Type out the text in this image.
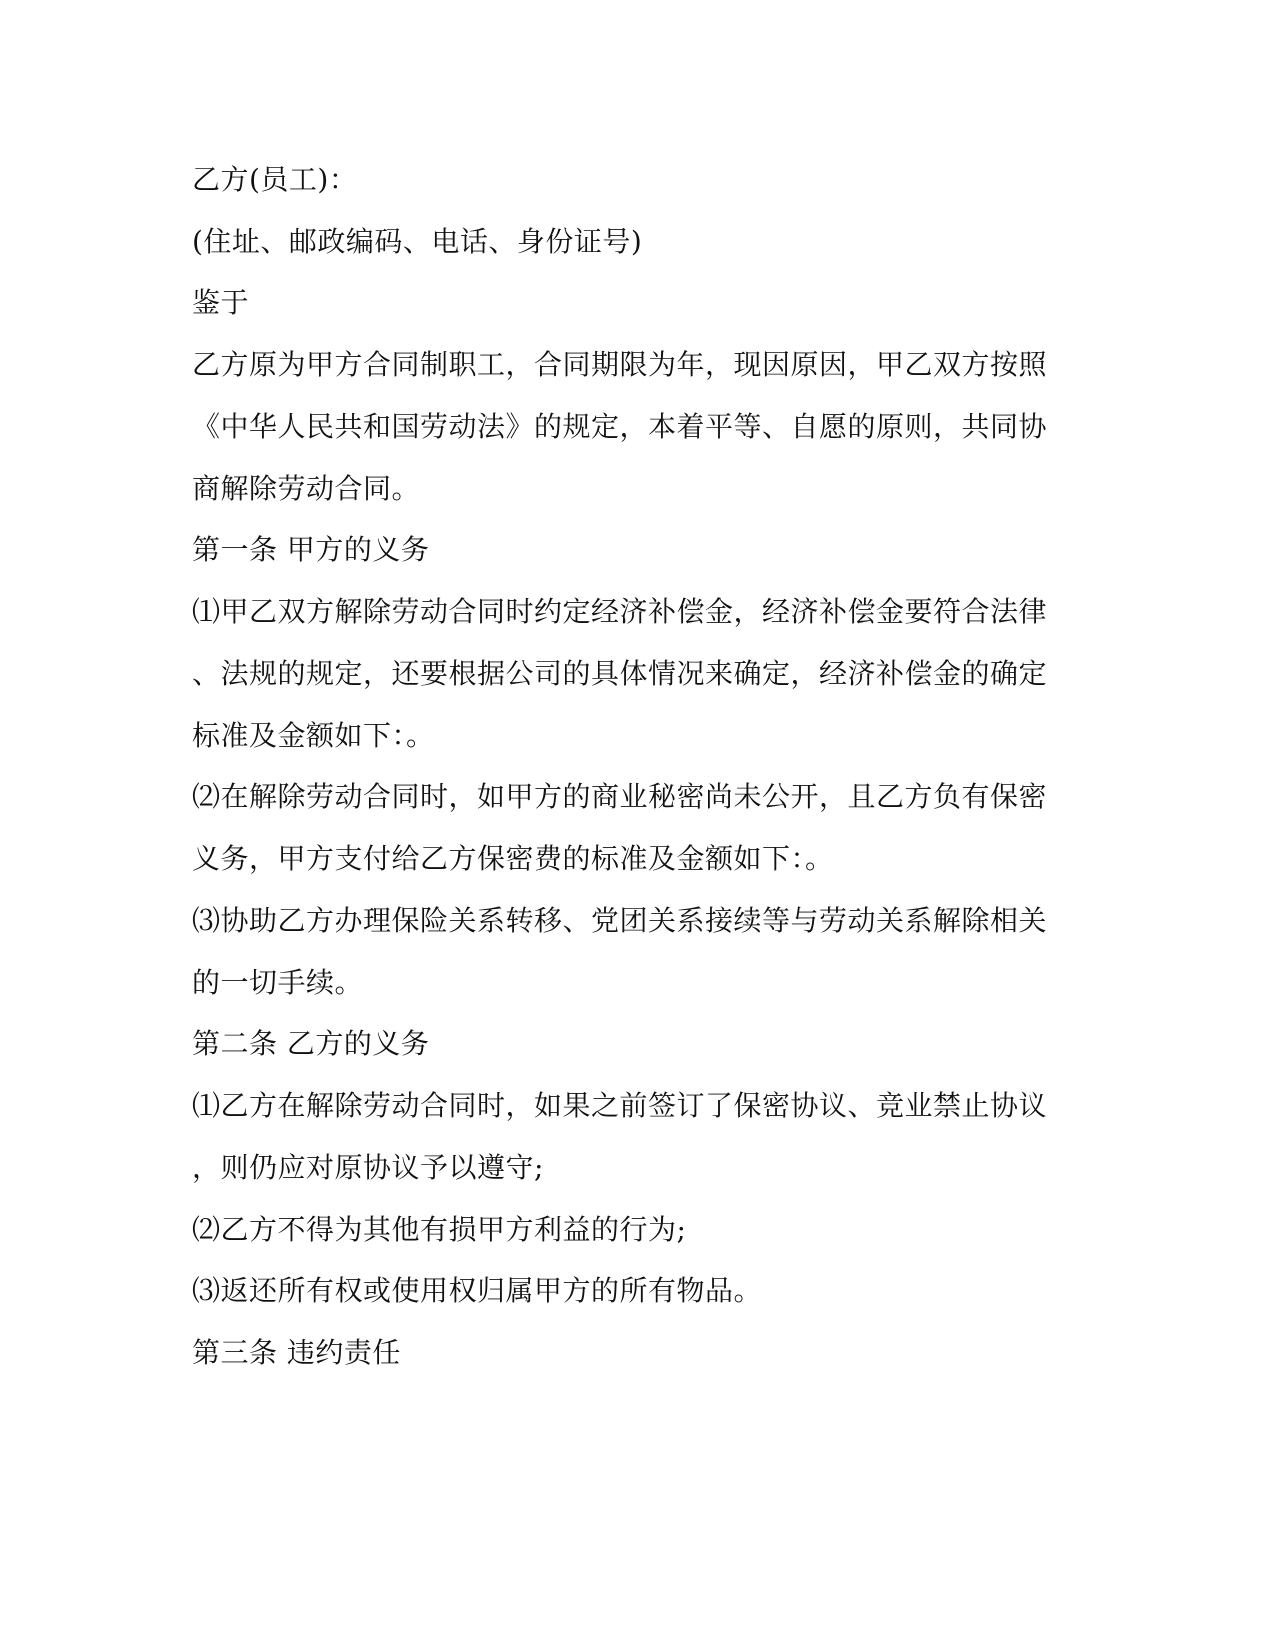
乙方(员工)：

(住址、邮政编码、电话、身份证号)

鉴于

乙方原为甲方合同制职工，合同期限为年，现因原因，甲乙双方按照

《中华人民共和国劳动法》的规定，本着平等、自愿的原则，共同协

商解除劳动合同。

第一条 甲方的义务

⑴甲乙双方解除劳动合同时约定经济补偿金，经济补偿金要符合法律

、法规的规定，还要根据公司的具体情况来确定，经济补偿金的确定

标准及金额如下：。

⑵在解除劳动合同时，如甲方的商业秘密尚未公开，且乙方负有保密

义务，甲方支付给乙方保密费的标准及金额如下：。

⑶协助乙方办理保险关系转移、党团关系接续等与劳动关系解除相关

的一切手续。

第二条 乙方的义务

⑴乙方在解除劳动合同时，如果之前签订了保密协议、竞业禁止协议

，则仍应对原协议予以遵守;

⑵乙方不得为其他有损甲方利益的行为;

⑶返还所有权或使用权归属甲方的所有物品。

第三条 违约责任
